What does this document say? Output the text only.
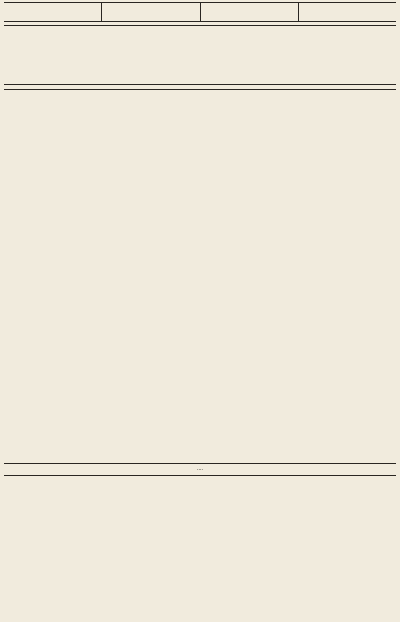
....
